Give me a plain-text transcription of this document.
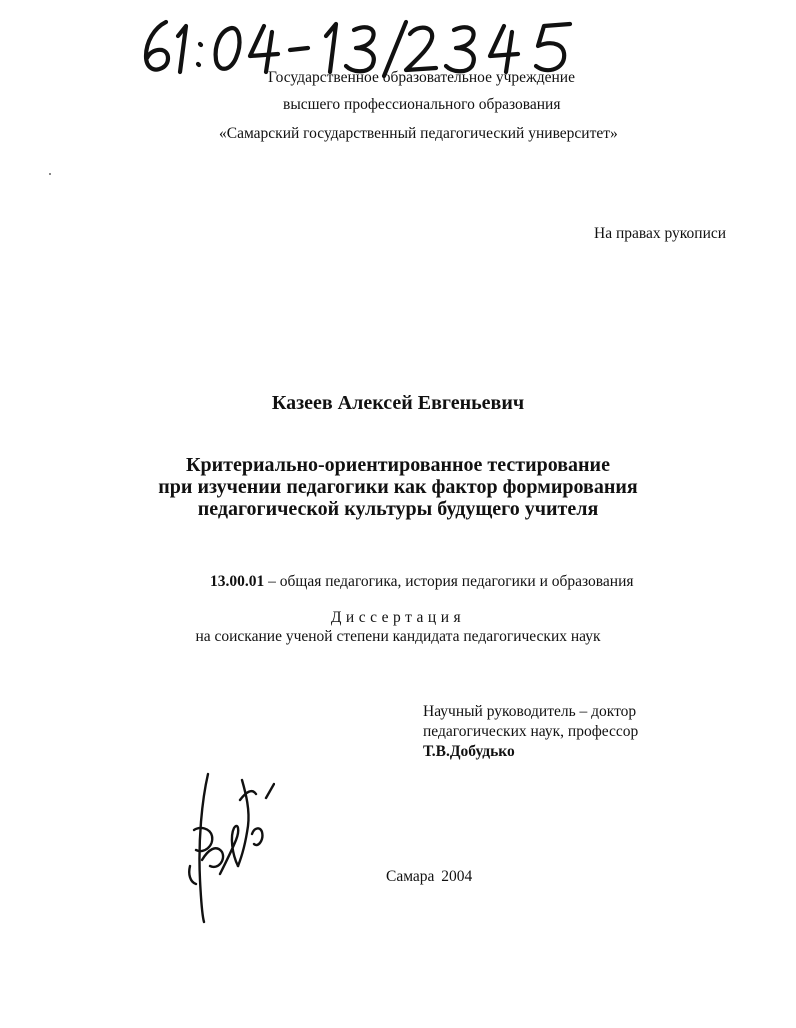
Государственное образовательное учреждение
высшего профессионального образования
«Самарский государственный педагогический университет»
На правах рукописи
Казеев Алексей Евгеньевич
Критериально-ориентированное тестирование
при изучении педагогики как фактор формирования
педагогической культуры будущего учителя
13.00.01 – общая педагогика, история педагогики и образования
Диссертация
на соискание ученой степени кандидата педагогических наук
Научный руководитель – доктор
педагогических наук, профессор
Т.В.Добудько
Самара 2004
